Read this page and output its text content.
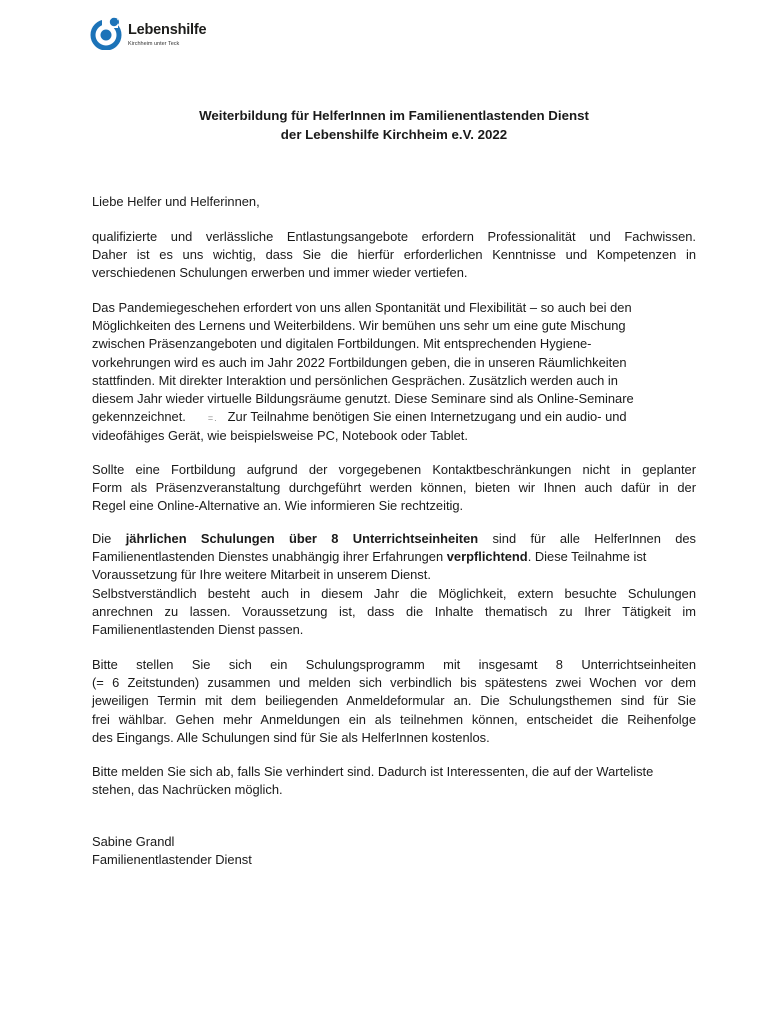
Lebenshilfe
Kirchheim unter Teck
Weiterbildung für HelferInnen im Familienentlastenden Dienst
der Lebenshilfe Kirchheim e.V. 2022
Liebe Helfer und Helferinnen,
qualifizierte und verlässliche Entlastungsangebote erfordern Professionalität und Fachwissen.
Daher ist es uns wichtig, dass Sie die hierfür erforderlichen Kenntnisse und Kompetenzen in
verschiedenen Schulungen erwerben und immer wieder vertiefen.
Das Pandemiegeschehen erfordert von uns allen Spontanität und Flexibilität – so auch bei den
Möglichkeiten des Lernens und Weiterbildens. Wir bemühen uns sehr um eine gute Mischung
zwischen Präsenzangeboten und digitalen Fortbildungen. Mit entsprechenden Hygiene-
vorkehrungen wird es auch im Jahr 2022 Fortbildungen geben, die in unseren Räumlichkeiten
stattfinden. Mit direkter Interaktion und persönlichen Gesprächen. Zusätzlich werden auch in
diesem Jahr wieder virtuelle Bildungsräume genutzt. Diese Seminare sind als Online-Seminare
gekennzeichnet. =. Zur Teilnahme benötigen Sie einen Internetzugang und ein audio- und
videofähiges Gerät, wie beispielsweise PC, Notebook oder Tablet.
Sollte eine Fortbildung aufgrund der vorgegebenen Kontaktbeschränkungen nicht in geplanter
Form als Präsenzveranstaltung durchgeführt werden können, bieten wir Ihnen auch dafür in der
Regel eine Online-Alternative an. Wie informieren Sie rechtzeitig.
Die jährlichen Schulungen über 8 Unterrichtseinheiten sind für alle HelferInnen des
Familienentlastenden Dienstes unabhängig ihrer Erfahrungen verpflichtend. Diese Teilnahme ist
Voraussetzung für Ihre weitere Mitarbeit in unserem Dienst.
Selbstverständlich besteht auch in diesem Jahr die Möglichkeit, extern besuchte Schulungen
anrechnen zu lassen. Voraussetzung ist, dass die Inhalte thematisch zu Ihrer Tätigkeit im
Familienentlastenden Dienst passen.
Bitte stellen Sie sich ein Schulungsprogramm mit insgesamt 8 Unterrichtseinheiten
(= 6 Zeitstunden) zusammen und melden sich verbindlich bis spätestens zwei Wochen vor dem
jeweiligen Termin mit dem beiliegenden Anmeldeformular an. Die Schulungsthemen sind für Sie
frei wählbar. Gehen mehr Anmeldungen ein als teilnehmen können, entscheidet die Reihenfolge
des Eingangs. Alle Schulungen sind für Sie als HelferInnen kostenlos.
Bitte melden Sie sich ab, falls Sie verhindert sind. Dadurch ist Interessenten, die auf der Warteliste
stehen, das Nachrücken möglich.
Sabine Grandl
Familienentlastender Dienst
